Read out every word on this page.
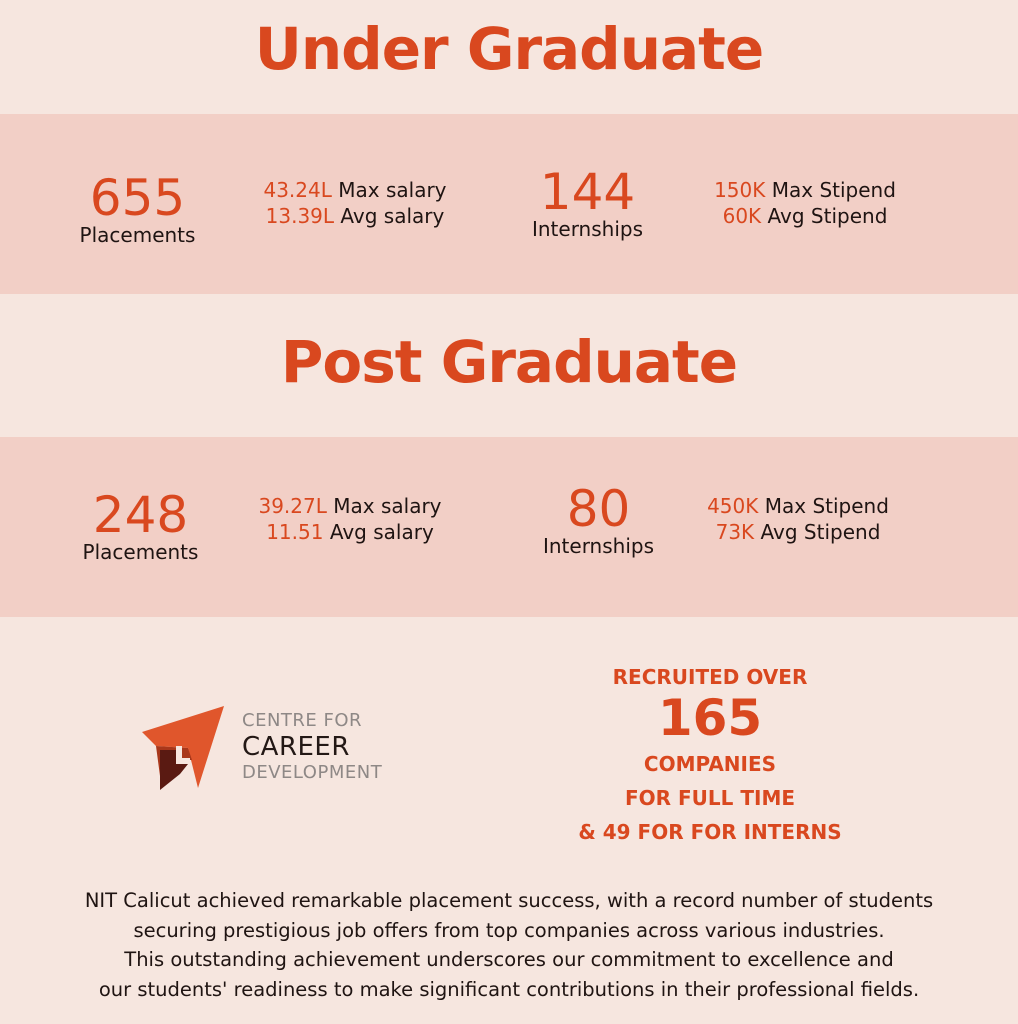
Under Graduate
655
Placements
43.24L Max salary
13.39L Avg salary	144
Internships
150K Max Stipend
60K Avg Stipend
Post Graduate
248
Placements
39.27L Max salary
11.51 Avg salary	80
Internships
450K Max Stipend
73K Avg Stipend
CENTRE FOR
CAREER
DEVELOPMENT
RECRUITED OVER
165
COMPANIES
FOR FULL TIME
& 49 FOR FOR INTERNS
NIT Calicut achieved remarkable placement success, with a record number of students
securing prestigious job offers from top companies across various industries.
This outstanding achievement underscores our commitment to excellence and
our students' readiness to make significant contributions in their professional fields.
